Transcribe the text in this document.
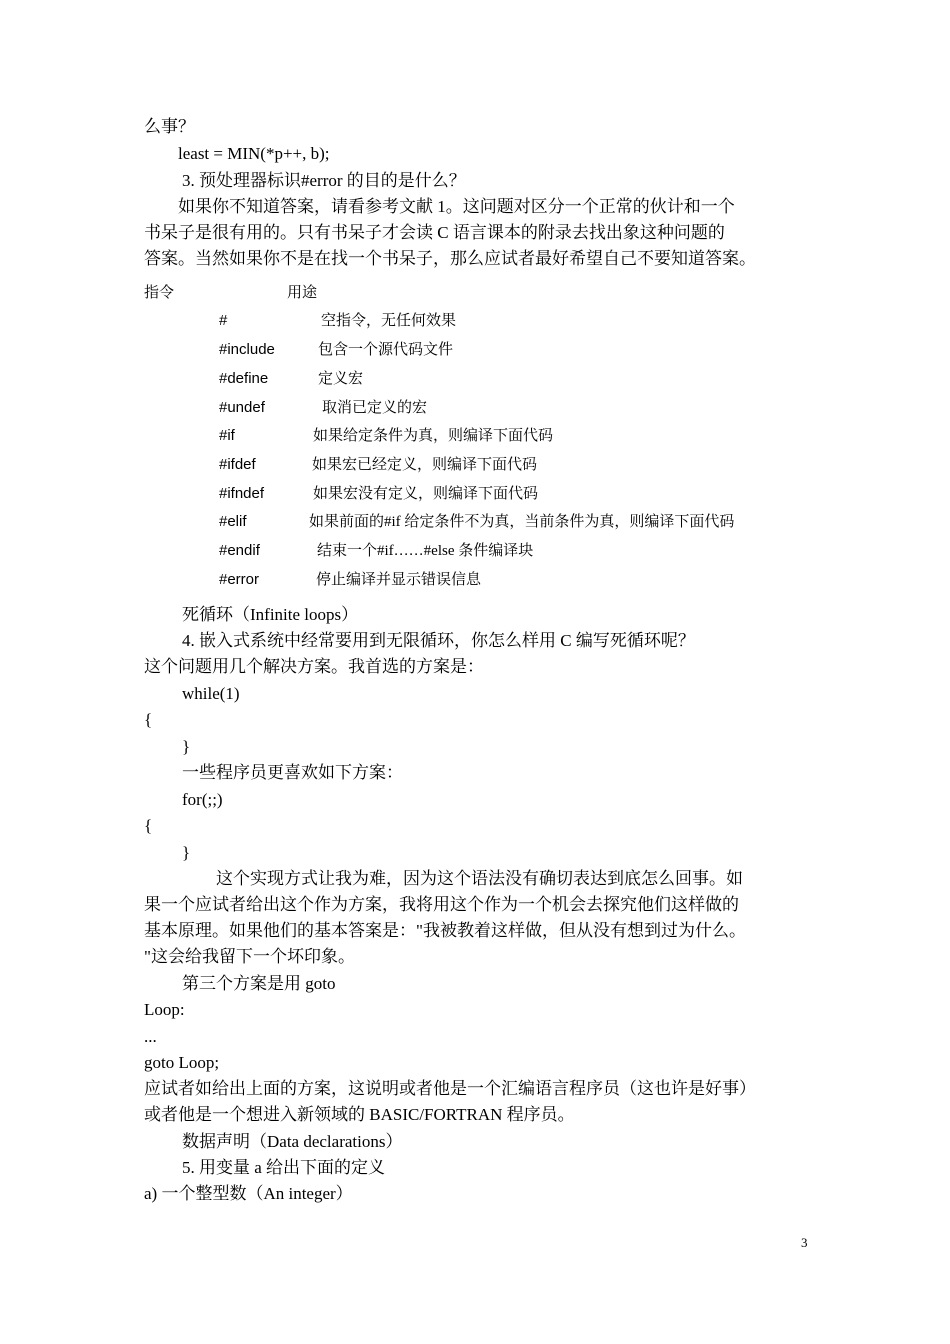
么事？
least = MIN(*p++, b);
3. 预处理器标识#error 的目的是什么？
如果你不知道答案，请看参考文献 1。这问题对区分一个正常的伙计和一个
书呆子是很有用的。只有书呆子才会读 C 语言课本的附录去找出象这种问题的
答案。当然如果你不是在找一个书呆子，那么应试者最好希望自己不要知道答案。
指令	用途
#	空指令，无任何效果
#include	包含一个源代码文件
#define	定义宏
#undef	取消已定义的宏
#if	如果给定条件为真，则编译下面代码
#ifdef	如果宏已经定义，则编译下面代码
#ifndef	如果宏没有定义，则编译下面代码
#elif	如果前面的#if 给定条件不为真，当前条件为真，则编译下面代码
#endif	结束一个#if……#else 条件编译块
#error	停止编译并显示错误信息
死循环（Infinite loops）
4. 嵌入式系统中经常要用到无限循环，你怎么样用 C 编写死循环呢？
这个问题用几个解决方案。我首选的方案是：
while(1)
{
}
一些程序员更喜欢如下方案：
for(;;)
{
}
这个实现方式让我为难，因为这个语法没有确切表达到底怎么回事。如
果一个应试者给出这个作为方案，我将用这个作为一个机会去探究他们这样做的
基本原理。如果他们的基本答案是："我被教着这样做，但从没有想到过为什么。
"这会给我留下一个坏印象。
第三个方案是用 goto
Loop:
...
goto Loop;
应试者如给出上面的方案，这说明或者他是一个汇编语言程序员（这也许是好事）
或者他是一个想进入新领域的 BASIC/FORTRAN 程序员。
数据声明（Data declarations）
5. 用变量 a 给出下面的定义
a) 一个整型数（An integer）
3
